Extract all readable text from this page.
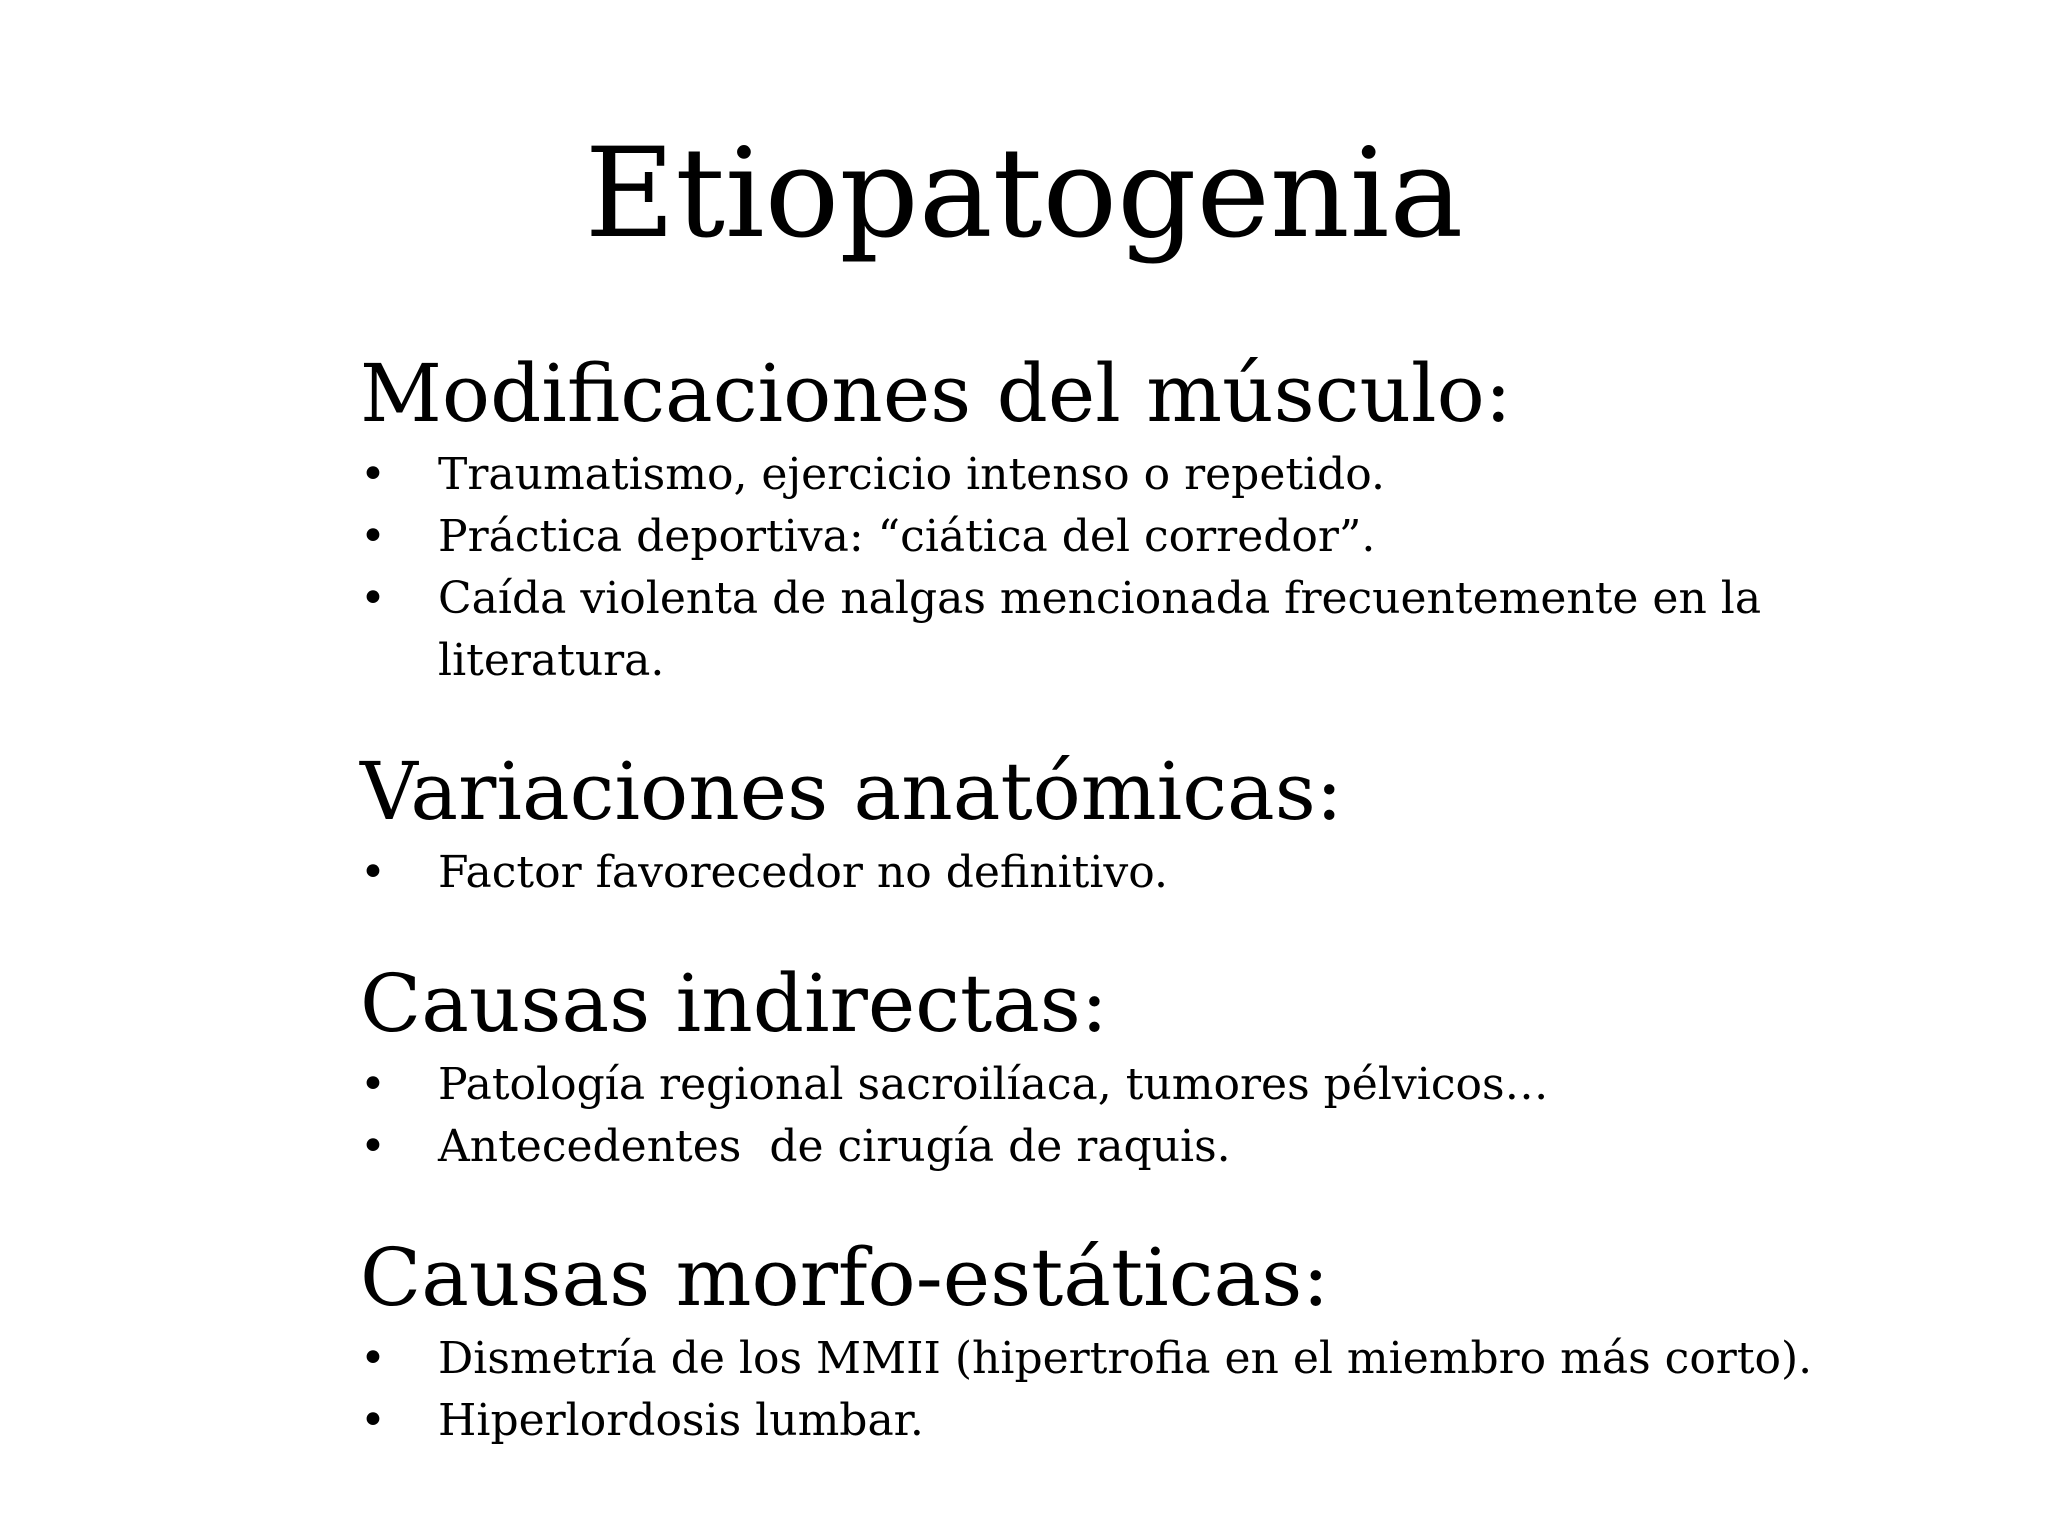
Etiopatogenia
Modificaciones del músculo:
•	Traumatismo, ejercicio intenso o repetido.
•	Práctica deportiva: “ciática del corredor”.
•	Caída violenta de nalgas mencionada frecuentemente en la literatura.
Variaciones anatómicas:
•	Factor favorecedor no definitivo.
Causas indirectas:
•	Patología regional sacroilíaca, tumores pélvicos…
•	Antecedentes  de cirugía de raquis.
Causas morfo-estáticas:
•	Dismetría de los MMII (hipertrofia en el miembro más corto).
•	Hiperlordosis lumbar.
